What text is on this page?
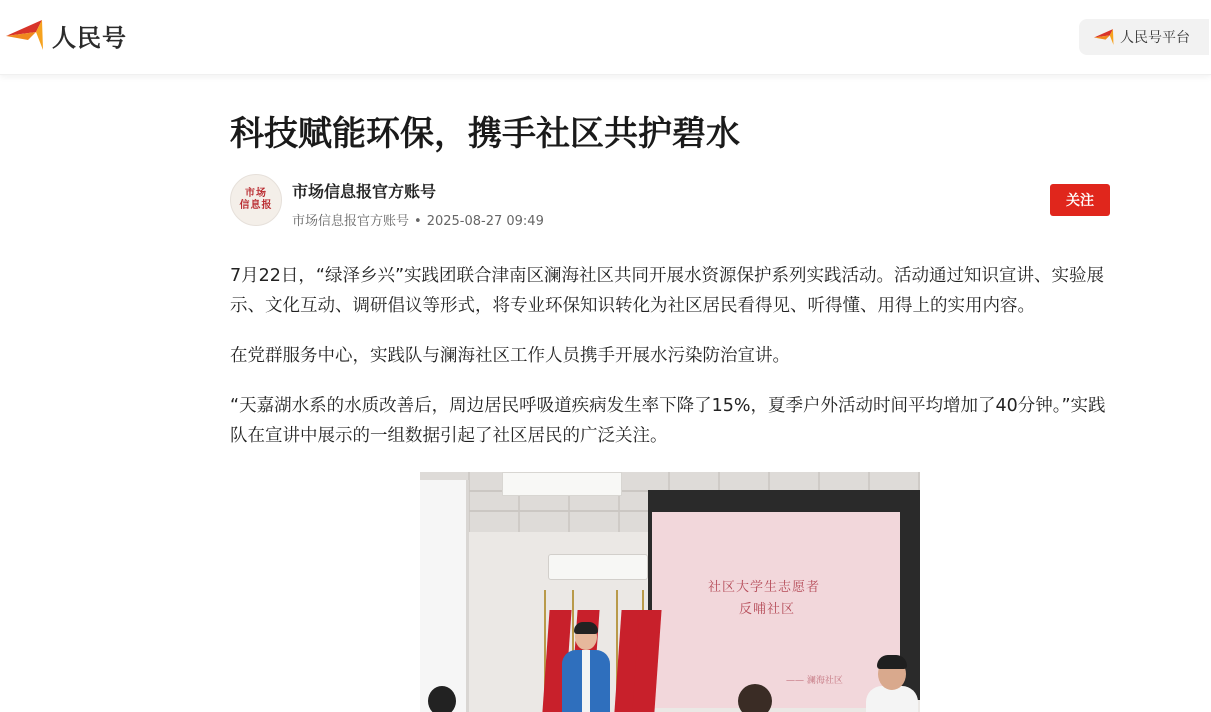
人民号	人民号平台
科技赋能环保，携手社区共护碧水
市场
信息报
市场信息报官方账号
市场信息报官方账号 • 2025-08-27 09:49
关注

7月22日，“绿泽乡兴”实践团联合津南区澜海社区共同开展水资源保护系列实践活动。活动通过知识宣讲、实验展示、文化互动、调研倡议等形式，将专业环保知识转化为社区居民看得见、听得懂、用得上的实用内容。

在党群服务中心，实践队与澜海社区工作人员携手开展水污染防治宣讲。

“天嘉湖水系的水质改善后，周边居民呼吸道疾病发生率下降了15%，夏季户外活动时间平均增加了40分钟。”实践队在宣讲中展示的一组数据引起了社区居民的广泛关注。

社区大学生志愿者
反哺社区
—— 澜海社区
